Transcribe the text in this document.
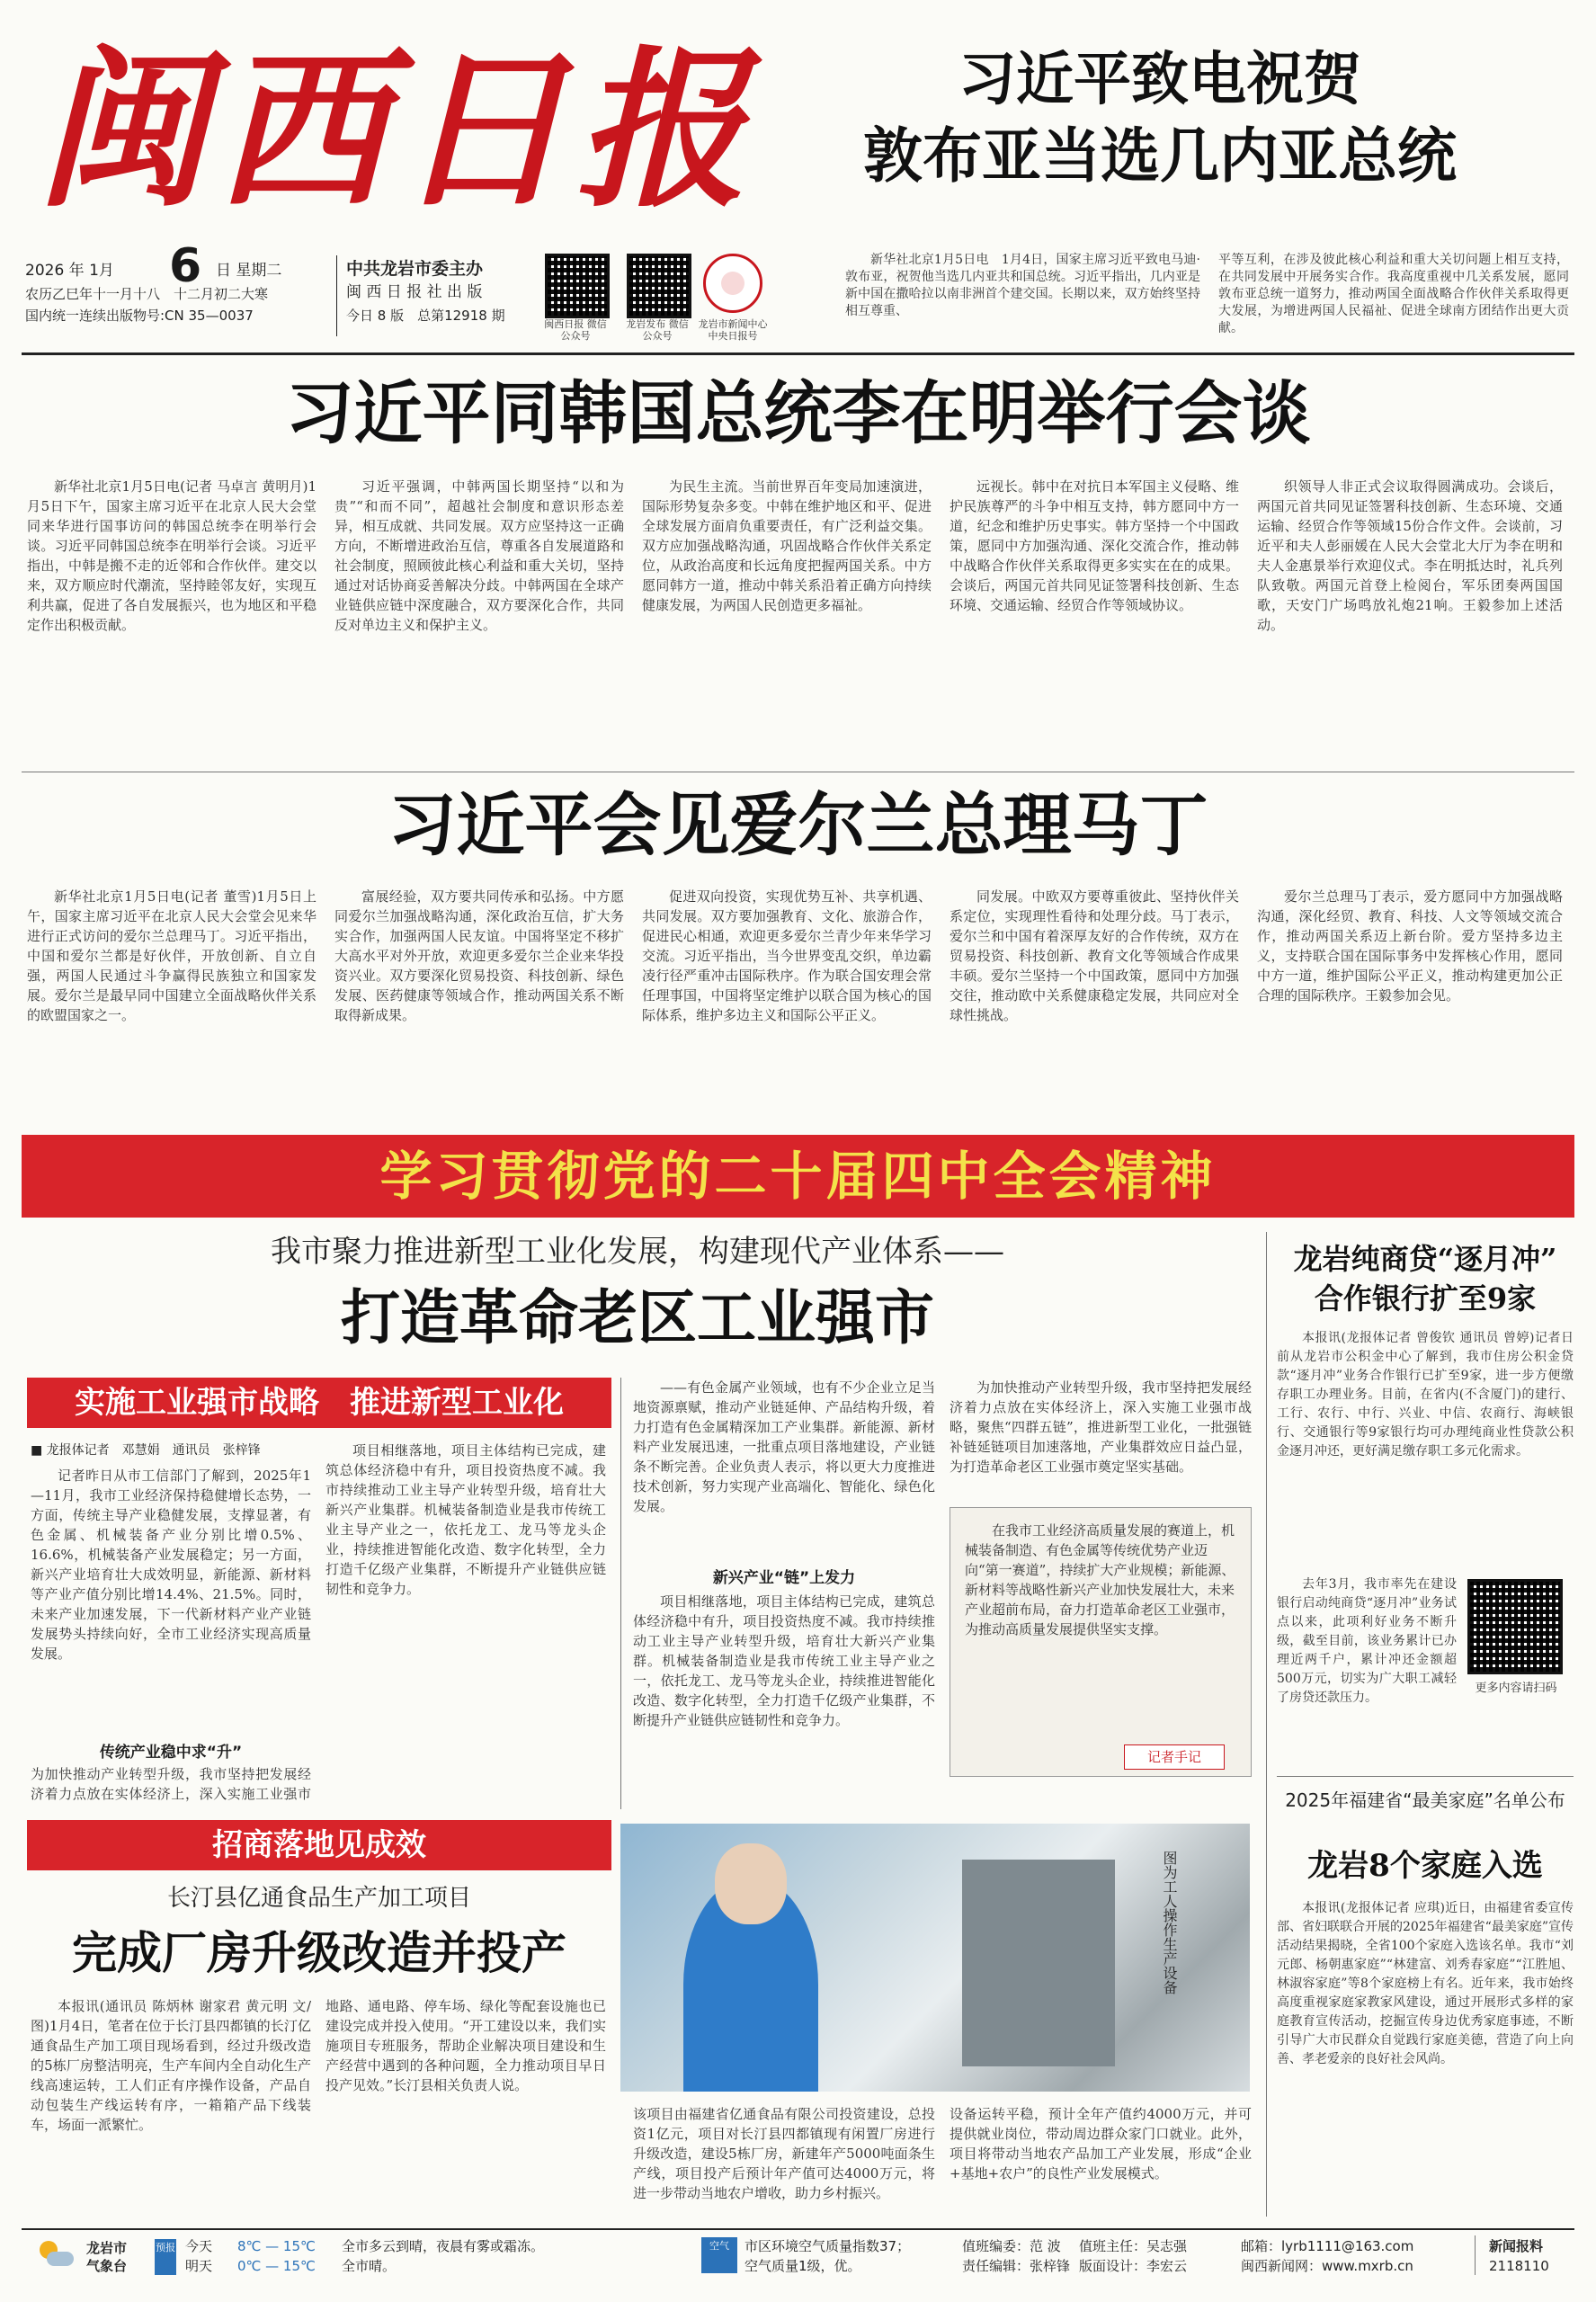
闽西日报	习近平致电祝贺
敦布亚当选几内亚总统
2026 年 1月 6 日 星期二
农历乙巳年十一月十八　十二月初二大寒
国内统一连续出版物号:CN 35—0037
中共龙岩市委主办
闽 西 日 报 社 出 版
今日 8 版　总第12918 期
闽西日报 微信公众号
龙岩发布 微信公众号
龙岩市新闻中心 中央日报号
新华社北京1月5日电　1月4日，国家主席习近平致电马迪·敦布亚，祝贺他当选几内亚共和国总统。习近平指出，几内亚是新中国在撒哈拉以南非洲首个建交国。长期以来，双方始终坚持相互尊重、
平等互利，在涉及彼此核心利益和重大关切问题上相互支持，在共同发展中开展务实合作。我高度重视中几关系发展，愿同敦布亚总统一道努力，推动两国全面战略合作伙伴关系取得更大发展，为增进两国人民福祉、促进全球南方团结作出更大贡献。
习近平同韩国总统李在明举行会谈
新华社北京1月5日电(记者 马卓言 黄明月)1月5日下午，国家主席习近平在北京人民大会堂同来华进行国事访问的韩国总统李在明举行会谈。习近平同韩国总统李在明举行会谈。习近平指出，中韩是搬不走的近邻和合作伙伴。建交以来，双方顺应时代潮流，坚持睦邻友好，实现互利共赢，促进了各自发展振兴，也为地区和平稳定作出积极贡献。
习近平强调，中韩两国长期坚持“以和为贵”“和而不同”，超越社会制度和意识形态差异，相互成就、共同发展。双方应坚持这一正确方向，不断增进政治互信，尊重各自发展道路和社会制度，照顾彼此核心利益和重大关切，坚持通过对话协商妥善解决分歧。中韩两国在全球产业链供应链中深度融合，双方要深化合作，共同反对单边主义和保护主义。
为民生主流。当前世界百年变局加速演进，国际形势复杂多变。中韩在维护地区和平、促进全球发展方面肩负重要责任，有广泛利益交集。双方应加强战略沟通，巩固战略合作伙伴关系定位，从政治高度和长远角度把握两国关系。中方愿同韩方一道，推动中韩关系沿着正确方向持续健康发展，为两国人民创造更多福祉。
远视长。韩中在对抗日本军国主义侵略、维护民族尊严的斗争中相互支持，韩方愿同中方一道，纪念和维护历史事实。韩方坚持一个中国政策，愿同中方加强沟通、深化交流合作，推动韩中战略合作伙伴关系取得更多实实在在的成果。会谈后，两国元首共同见证签署科技创新、生态环境、交通运输、经贸合作等领域协议。
织领导人非正式会议取得圆满成功。会谈后，两国元首共同见证签署科技创新、生态环境、交通运输、经贸合作等领域15份合作文件。会谈前，习近平和夫人彭丽媛在人民大会堂北大厅为李在明和夫人金惠景举行欢迎仪式。李在明抵达时，礼兵列队致敬。两国元首登上检阅台，军乐团奏两国国歌，天安门广场鸣放礼炮21响。王毅参加上述活动。
习近平会见爱尔兰总理马丁
新华社北京1月5日电(记者 董雪)1月5日上午，国家主席习近平在北京人民大会堂会见来华进行正式访问的爱尔兰总理马丁。习近平指出，中国和爱尔兰都是好伙伴，开放创新、自立自强，两国人民通过斗争赢得民族独立和国家发展。爱尔兰是最早同中国建立全面战略伙伴关系的欧盟国家之一。
富展经验，双方要共同传承和弘扬。中方愿同爱尔兰加强战略沟通，深化政治互信，扩大务实合作，加强两国人民友谊。中国将坚定不移扩大高水平对外开放，欢迎更多爱尔兰企业来华投资兴业。双方要深化贸易投资、科技创新、绿色发展、医药健康等领域合作，推动两国关系不断取得新成果。
促进双向投资，实现优势互补、共享机遇、共同发展。双方要加强教育、文化、旅游合作，促进民心相通，欢迎更多爱尔兰青少年来华学习交流。习近平指出，当今世界变乱交织，单边霸凌行径严重冲击国际秩序。作为联合国安理会常任理事国，中国将坚定维护以联合国为核心的国际体系，维护多边主义和国际公平正义。
同发展。中欧双方要尊重彼此、坚持伙伴关系定位，实现理性看待和处理分歧。马丁表示，爱尔兰和中国有着深厚友好的合作传统，双方在贸易投资、科技创新、教育文化等领域合作成果丰硕。爱尔兰坚持一个中国政策，愿同中方加强交往，推动欧中关系健康稳定发展，共同应对全球性挑战。
爱尔兰总理马丁表示，爱方愿同中方加强战略沟通，深化经贸、教育、科技、人文等领域交流合作，推动两国关系迈上新台阶。爱方坚持多边主义，支持联合国在国际事务中发挥核心作用，愿同中方一道，维护国际公平正义，推动构建更加公正合理的国际秩序。王毅参加会见。
学习贯彻党的二十届四中全会精神
我市聚力推进新型工业化发展，构建现代产业体系——
打造革命老区工业强市
实施工业强市战略　推进新型工业化
■ 龙报体记者　邓慧娟　通讯员　张梓锋
记者昨日从市工信部门了解到，2025年1—11月，我市工业经济保持稳健增长态势，一方面，传统主导产业稳健发展，支撑显著，有色金属、机械装备产业分别比增0.5%、16.6%，机械装备产业发展稳定；另一方面，新兴产业培育壮大成效明显，新能源、新材料等产业产值分别比增14.4%、21.5%。同时，未来产业加速发展，下一代新材料产业产业链发展势头持续向好，全市工业经济实现高质量发展。
传统产业稳中求“升”
为加快推动产业转型升级，我市坚持把发展经济着力点放在实体经济上，深入实施工业强市
项目相继落地，项目主体结构已完成，建筑总体经济稳中有升，项目投资热度不减。我市持续推动工业主导产业转型升级，培育壮大新兴产业集群。机械装备制造业是我市传统工业主导产业之一，依托龙工、龙马等龙头企业，持续推进智能化改造、数字化转型，全力打造千亿级产业集群，不断提升产业链供应链韧性和竞争力。
——有色金属产业领域，也有不少企业立足当地资源禀赋，推动产业链延伸、产品结构升级，着力打造有色金属精深加工产业集群。新能源、新材料产业发展迅速，一批重点项目落地建设，产业链条不断完善。企业负责人表示，将以更大力度推进技术创新，努力实现产业高端化、智能化、绿色化发展。
为加快推动产业转型升级，我市坚持把发展经济着力点放在实体经济上，深入实施工业强市战略，聚焦“四群五链”，推进新型工业化，一批强链补链延链项目加速落地，产业集群效应日益凸显，为打造革命老区工业强市奠定坚实基础。
新兴产业“链”上发力
项目相继落地，项目主体结构已完成，建筑总体经济稳中有升，项目投资热度不减。我市持续推动工业主导产业转型升级，培育壮大新兴产业集群。机械装备制造业是我市传统工业主导产业之一，依托龙工、龙马等龙头企业，持续推进智能化改造、数字化转型，全力打造千亿级产业集群，不断提升产业链供应链韧性和竞争力。
在我市工业经济高质量发展的赛道上，机械装备制造、有色金属等传统优势产业迈向“第一赛道”，持续扩大产业规模；新能源、新材料等战略性新兴产业加快发展壮大，未来产业超前布局，奋力打造革命老区工业强市，为推动高质量发展提供坚实支撑。
记者手记
招商落地见成效
长汀县亿通食品生产加工项目
完成厂房升级改造并投产
本报讯(通讯员 陈炳林 谢家君 黄元明 文/图)1月4日，笔者在位于长汀县四都镇的长汀亿通食品生产加工项目现场看到，经过升级改造的5栋厂房整洁明亮，生产车间内全自动化生产线高速运转，工人们正有序操作设备，产品自动包装生产线运转有序，一箱箱产品下线装车，场面一派繁忙。
地路、通电路、停车场、绿化等配套设施也已建设完成并投入使用。“开工建设以来，我们实施项目专班服务，帮助企业解决项目建设和生产经营中遇到的各种问题，全力推动项目早日投产见效。”长汀县相关负责人说。
图为工人操作生产设备
该项目由福建省亿通食品有限公司投资建设，总投资1亿元，项目对长汀县四都镇现有闲置厂房进行升级改造，建设5栋厂房，新建年产5000吨面条生产线，项目投产后预计年产值可达4000万元，将进一步带动当地农户增收，助力乡村振兴。
设备运转平稳，预计全年产值约4000万元，并可提供就业岗位，带动周边群众家门口就业。此外，项目将带动当地农产品加工产业发展，形成“企业+基地+农户”的良性产业发展模式。
龙岩纯商贷“逐月冲”
合作银行扩至9家
本报讯(龙报体记者 曾俊钦 通讯员 曾婷)记者日前从龙岩市公积金中心了解到，我市住房公积金贷款“逐月冲”业务合作银行已扩至9家，进一步方便缴存职工办理业务。目前，在省内(不含厦门)的建行、工行、农行、中行、兴业、中信、农商行、海峡银行、交通银行等9家银行均可办理纯商业性贷款公积金逐月冲还，更好满足缴存职工多元化需求。
去年3月，我市率先在建设银行启动纯商贷“逐月冲”业务试点以来，此项利好业务不断升级，截至目前，该业务累计已办理近两千户，累计冲还金额超500万元，切实为广大职工减轻了房贷还款压力。
更多内容请扫码
2025年福建省“最美家庭”名单公布
龙岩8个家庭入选
本报讯(龙报体记者 应琪)近日，由福建省委宣传部、省妇联联合开展的2025年福建省“最美家庭”宣传活动结果揭晓，全省100个家庭入选该名单。我市“刘元郎、杨朝惠家庭”“林建富、刘秀春家庭”“江胜旭、林淑容家庭”等8个家庭榜上有名。近年来，我市始终高度重视家庭家教家风建设，通过开展形式多样的家庭教育宣传活动，挖掘宣传身边优秀家庭事迹，不断引导广大市民群众自觉践行家庭美德，营造了向上向善、孝老爱亲的良好社会风尚。
龙岩市
气象台
预报 今天 8℃ — 15℃
明天 0℃ — 15℃
全市多云到晴，夜晨有雾或霜冻。
全市晴。
空气	市区环境空气质量指数37；
空气质量1级，优。
值班编委：范 波
责任编辑：张梓锋
值班主任：吴志强
版面设计：李宏云
邮箱：lyrb1111@163.com
闽西新闻网：www.mxrb.cn
新闻报料
2118110
